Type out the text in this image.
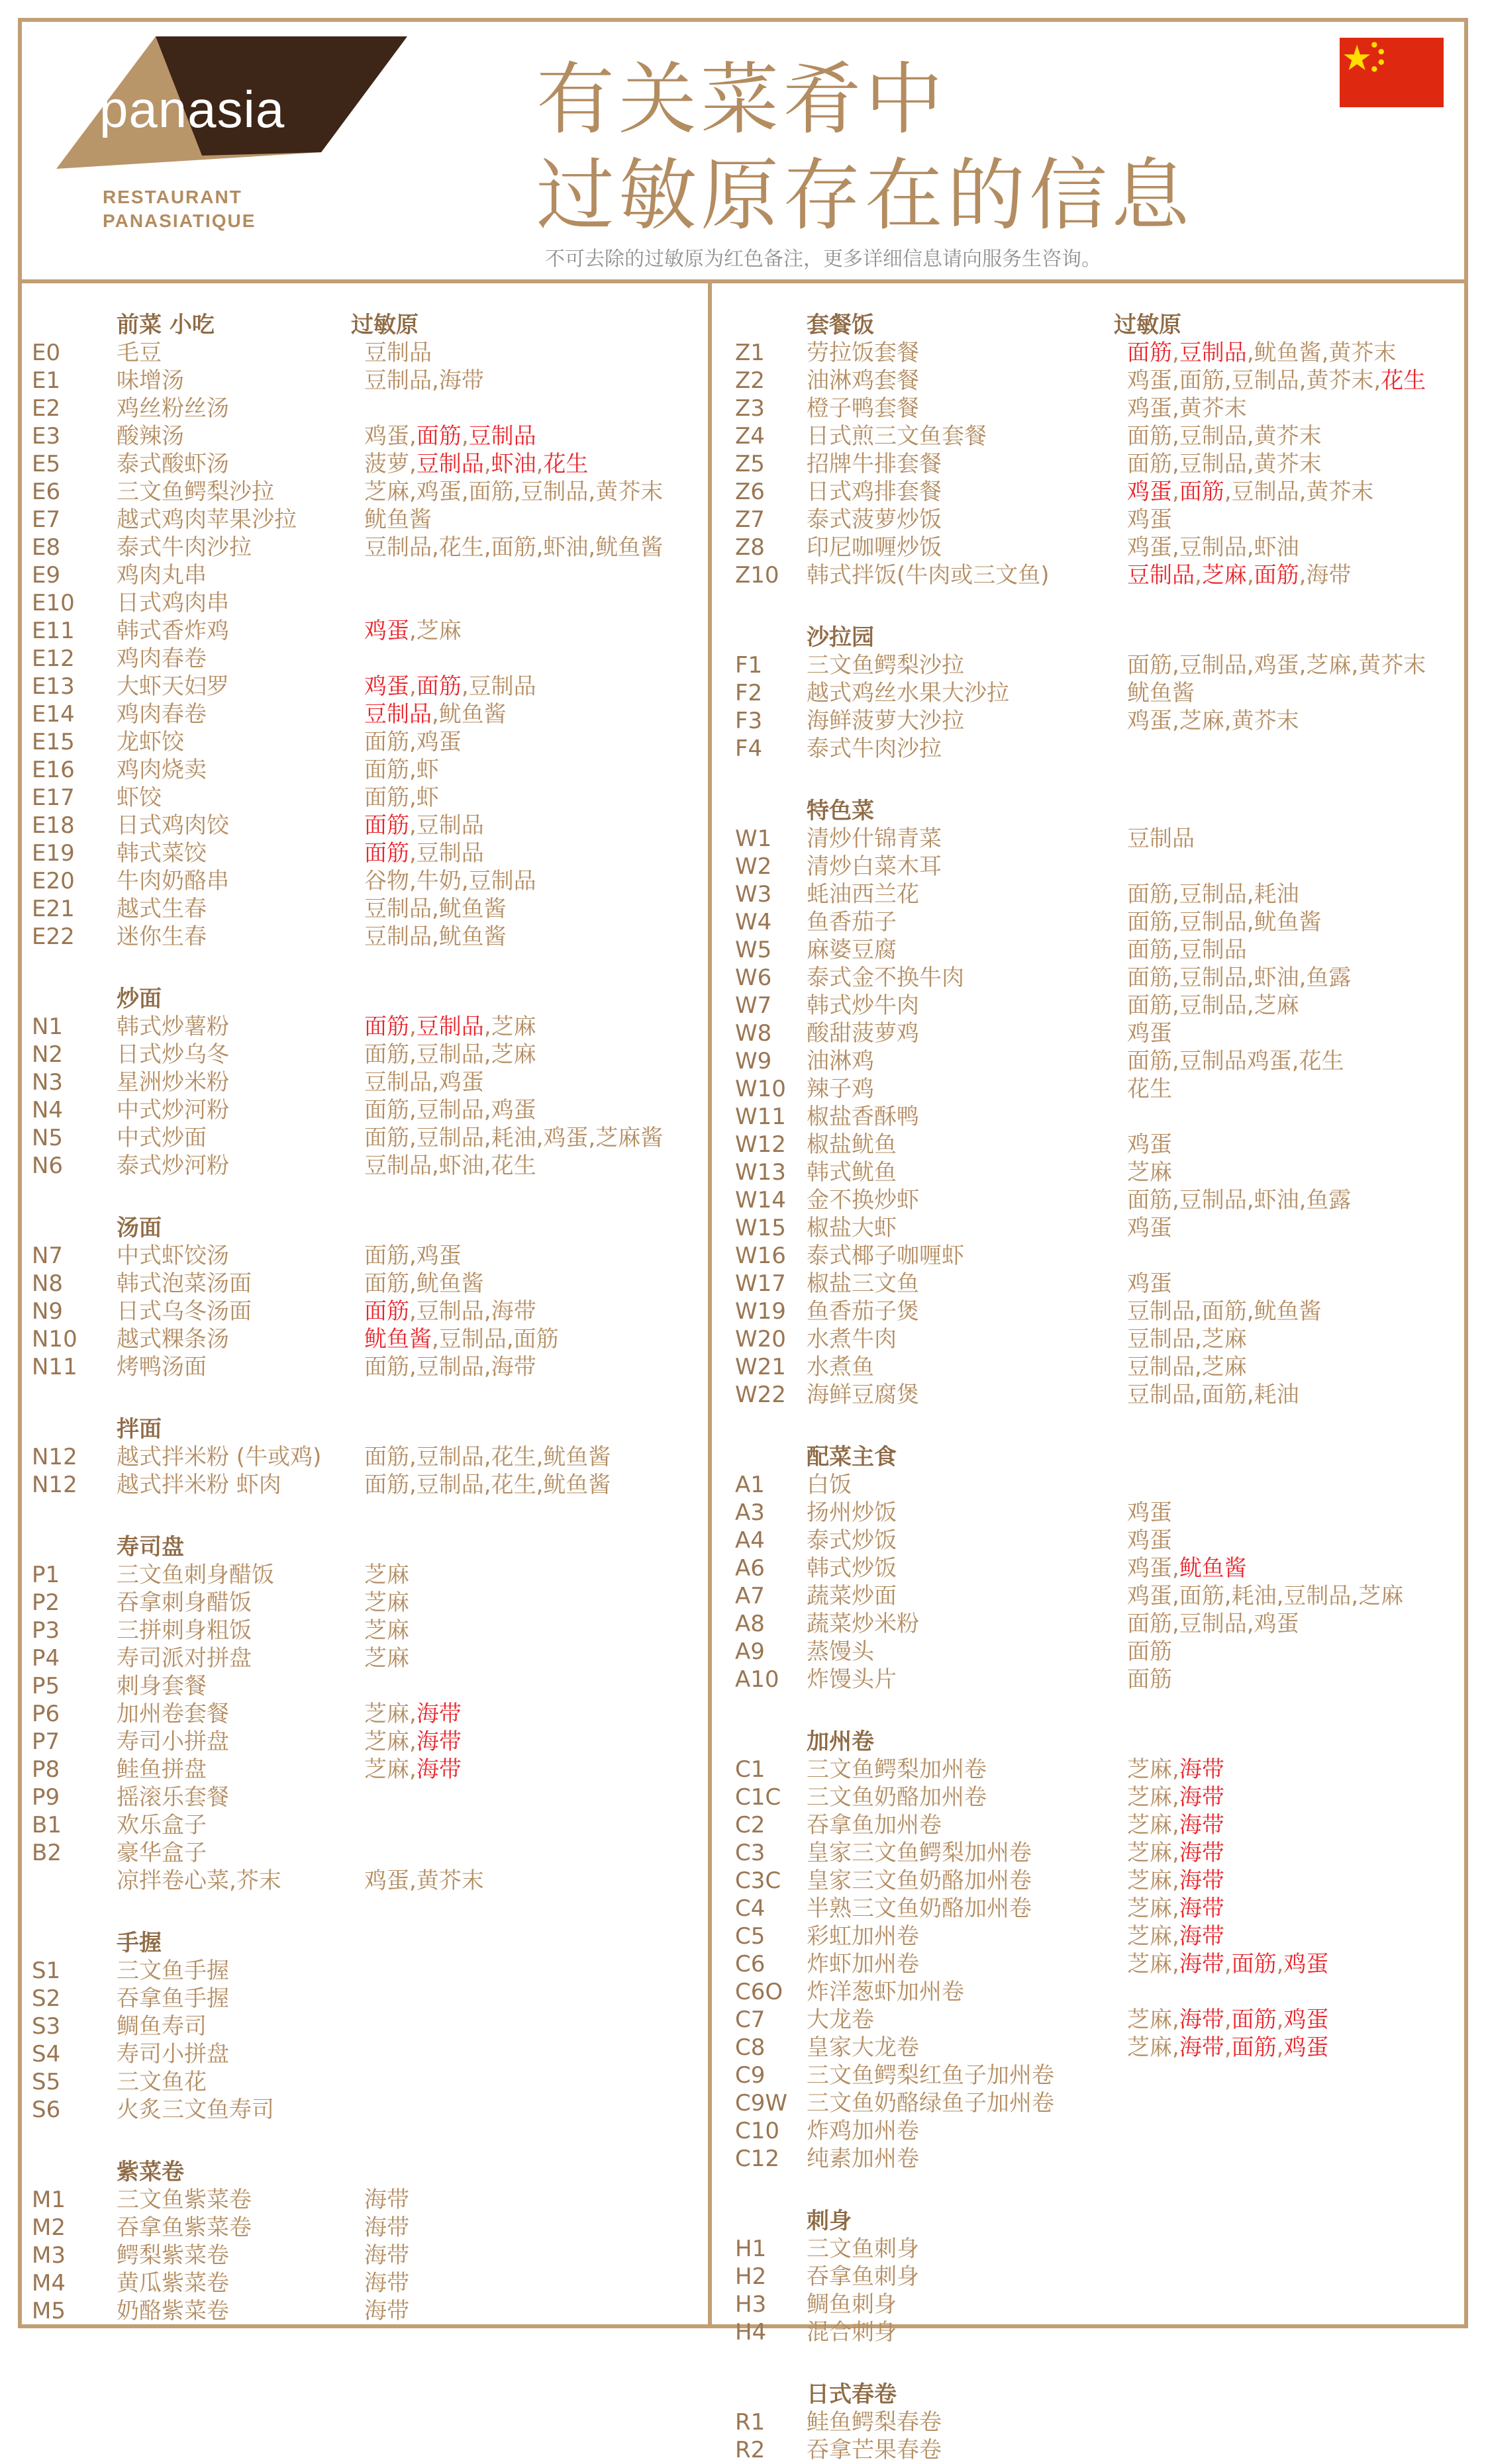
panasia
RESTAURANT
PANASIATIQUE
有关菜肴中
过敏原存在的信息
不可去除的过敏原为红色备注，更多详细信息请向服务生咨询。
前菜 小吃	过敏原
E0 毛豆	豆制品
E1 味增汤	豆制品,海带
E2 鸡丝粉丝汤
E3 酸辣汤	鸡蛋,面筋,豆制品
E5 泰式酸虾汤	菠萝,豆制品,虾油,花生
E6 三文鱼鳄梨沙拉	芝麻,鸡蛋,面筋,豆制品,黄芥末
E7 越式鸡肉苹果沙拉	鱿鱼酱
E8 泰式牛肉沙拉	豆制品,花生,面筋,虾油,鱿鱼酱
E9 鸡肉丸串
E10 日式鸡肉串
E11 韩式香炸鸡	鸡蛋,芝麻
E12 鸡肉春卷
E13 大虾天妇罗	鸡蛋,面筋,豆制品
E14 鸡肉春卷	豆制品,鱿鱼酱
E15 龙虾饺	面筋,鸡蛋
E16 鸡肉烧卖	面筋,虾
E17 虾饺	面筋,虾
E18 日式鸡肉饺	面筋,豆制品
E19 韩式菜饺	面筋,豆制品
E20 牛肉奶酪串	谷物,牛奶,豆制品
E21 越式生春	豆制品,鱿鱼酱
E22 迷你生春	豆制品,鱿鱼酱
炒面
N1 韩式炒薯粉	面筋,豆制品,芝麻
N2 日式炒乌冬	面筋,豆制品,芝麻
N3 星洲炒米粉	豆制品,鸡蛋
N4 中式炒河粉	面筋,豆制品,鸡蛋
N5 中式炒面	面筋,豆制品,耗油,鸡蛋,芝麻酱
N6 泰式炒河粉	豆制品,虾油,花生
汤面
N7 中式虾饺汤	面筋,鸡蛋
N8 韩式泡菜汤面	面筋,鱿鱼酱
N9 日式乌冬汤面	面筋,豆制品,海带
N10 越式粿条汤	鱿鱼酱,豆制品,面筋
N11 烤鸭汤面	面筋,豆制品,海带
拌面
N12 越式拌米粉 (牛或鸡) 面筋,豆制品,花生,鱿鱼酱
N12 越式拌米粉 虾肉	面筋,豆制品,花生,鱿鱼酱
寿司盘
P1	三文鱼刺身醋饭	芝麻
P2	吞拿刺身醋饭	芝麻
P3	三拼刺身粗饭	芝麻
P4	寿司派对拼盘	芝麻
P5	刺身套餐
P6	加州卷套餐	芝麻,海带
P7	寿司小拼盘	芝麻,海带
P8	鲑鱼拼盘	芝麻,海带
P9	摇滚乐套餐
B1 欢乐盒子
B2 豪华盒子
凉拌卷心菜,芥末	鸡蛋,黄芥末
手握
S1 三文鱼手握
S2 吞拿鱼手握
S3 鲷鱼寿司
S4 寿司小拼盘
S5 三文鱼花
S6 火炙三文鱼寿司
紫菜卷
M1 三文鱼紫菜卷	海带
M2 吞拿鱼紫菜卷	海带
M3 鳄梨紫菜卷	海带
M4 黄瓜紫菜卷	海带
M5 奶酪紫菜卷	海带
套餐饭	过敏原
Z1 劳拉饭套餐	面筋,豆制品,鱿鱼酱,黄芥末
Z2 油淋鸡套餐	鸡蛋,面筋,豆制品,黄芥末,花生
Z3 橙子鸭套餐	鸡蛋,黄芥末
Z4 日式煎三文鱼套餐	面筋,豆制品,黄芥末
Z5 招牌牛排套餐	面筋,豆制品,黄芥末
Z6 日式鸡排套餐	鸡蛋,面筋,豆制品,黄芥末
Z7 泰式菠萝炒饭	鸡蛋
Z8 印尼咖喱炒饭	鸡蛋,豆制品,虾油
Z10 韩式拌饭(牛肉或三文鱼)	豆制品,芝麻,面筋,海带
沙拉园
F1 三文鱼鳄梨沙拉	面筋,豆制品,鸡蛋,芝麻,黄芥末
F2 越式鸡丝水果大沙拉	鱿鱼酱
F3 海鲜菠萝大沙拉	鸡蛋,芝麻,黄芥末
F4 泰式牛肉沙拉
特色菜
W1 清炒什锦青菜	豆制品
W2 清炒白菜木耳
W3 蚝油西兰花	面筋,豆制品,耗油
W4 鱼香茄子	面筋,豆制品,鱿鱼酱
W5 麻婆豆腐	面筋,豆制品
W6 泰式金不换牛肉	面筋,豆制品,虾油,鱼露
W7 韩式炒牛肉	面筋,豆制品,芝麻
W8 酸甜菠萝鸡	鸡蛋
W9 油淋鸡	面筋,豆制品鸡蛋,花生
W10 辣子鸡	花生
W11 椒盐香酥鸭
W12 椒盐鱿鱼	鸡蛋
W13 韩式鱿鱼	芝麻
W14 金不换炒虾	面筋,豆制品,虾油,鱼露
W15 椒盐大虾	鸡蛋
W16 泰式椰子咖喱虾
W17 椒盐三文鱼	鸡蛋
W19 鱼香茄子煲	豆制品,面筋,鱿鱼酱
W20 水煮牛肉	豆制品,芝麻
W21 水煮鱼	豆制品,芝麻
W22 海鲜豆腐煲	豆制品,面筋,耗油
配菜主食
A1 白饭
A3 扬州炒饭	鸡蛋
A4 泰式炒饭	鸡蛋
A6 韩式炒饭	鸡蛋,鱿鱼酱
A7 蔬菜炒面	鸡蛋,面筋,耗油,豆制品,芝麻
A8 蔬菜炒米粉	面筋,豆制品,鸡蛋
A9 蒸馒头	面筋
A10 炸馒头片	面筋
加州卷
C1 三文鱼鳄梨加州卷	芝麻,海带
C1C 三文鱼奶酪加州卷	芝麻,海带
C2 吞拿鱼加州卷	芝麻,海带
C3 皇家三文鱼鳄梨加州卷	芝麻,海带
C3C 皇家三文鱼奶酪加州卷	芝麻,海带
C4 半熟三文鱼奶酪加州卷	芝麻,海带
C5 彩虹加州卷	芝麻,海带
C6 炸虾加州卷	芝麻,海带,面筋,鸡蛋
C6O 炸洋葱虾加州卷
C7 大龙卷	芝麻,海带,面筋,鸡蛋
C8 皇家大龙卷	芝麻,海带,面筋,鸡蛋
C9 三文鱼鳄梨红鱼子加州卷
C9W 三文鱼奶酪绿鱼子加州卷
C10 炸鸡加州卷
C12 纯素加州卷
刺身
H1 三文鱼刺身
H2 吞拿鱼刺身
H3 鲷鱼刺身
H4 混合刺身
日式春卷
R1 鲑鱼鳄梨春卷
R2 吞拿芒果春卷
